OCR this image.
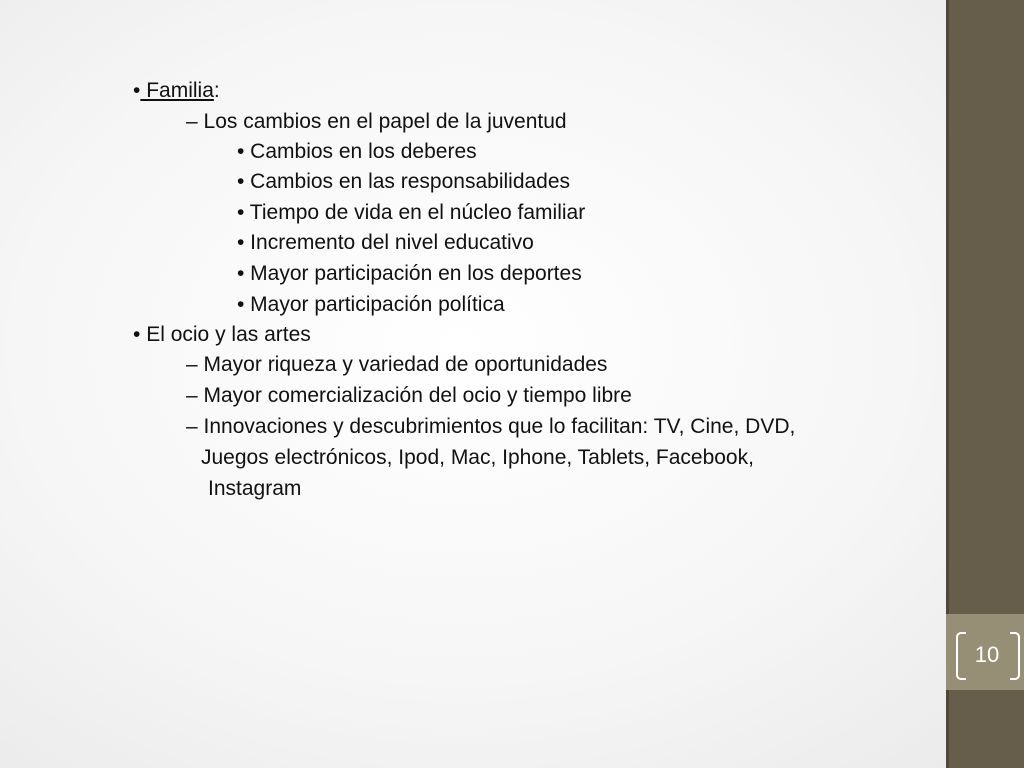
10
• Familia:
– Los cambios en el papel de la juventud
• Cambios en los deberes
• Cambios en las responsabilidades
• Tiempo de vida en el núcleo familiar
• Incremento del nivel educativo
• Mayor participación en los deportes
• Mayor participación política
• El ocio y las artes
– Mayor riqueza y variedad de oportunidades
– Mayor comercialización del ocio y tiempo libre
– Innovaciones y descubrimientos que lo facilitan: TV, Cine, DVD,
Juegos electrónicos, Ipod, Mac, Iphone, Tablets, Facebook,
Instagram
